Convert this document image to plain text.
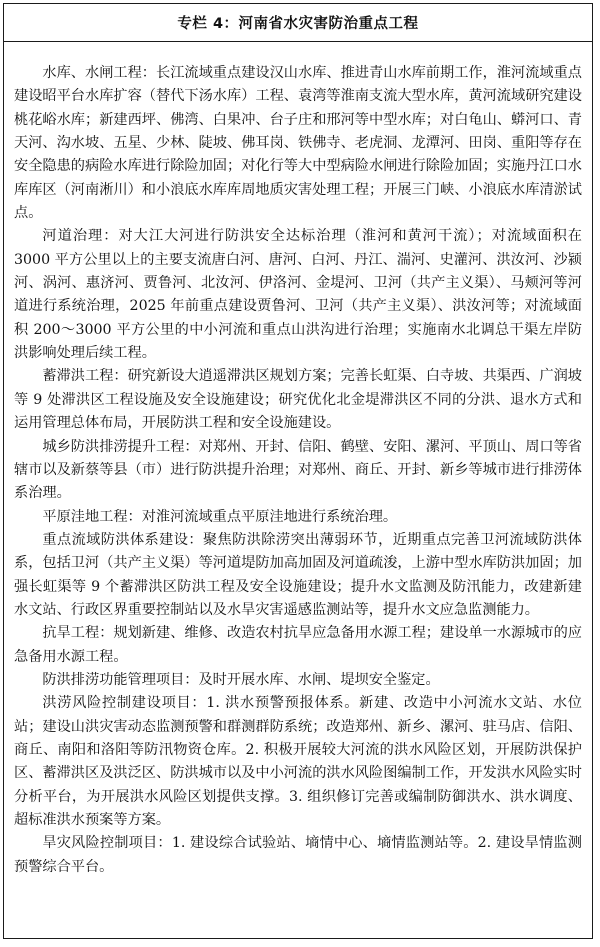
专栏 4：河南省水灾害防治重点工程

水库、水闸工程：长江流域重点建设汉山水库、推进青山水库前期工作，淮河流域重点建设昭平台水库扩容（替代下汤水库）工程、袁湾等淮南支流大型水库，黄河流域研究建设桃花峪水库；新建西坪、佛湾、白果冲、台子庄和邢河等中型水库；对白龟山、蟒河口、青天河、沟水坡、五星、少林、陡坡、佛耳岗、铁佛寺、老虎洞、龙潭河、田岗、重阳等存在安全隐患的病险水库进行除险加固；对化行等大中型病险水闸进行除险加固；实施丹江口水库库区（河南淅川）和小浪底水库库周地质灾害处理工程；开展三门峡、小浪底水库清淤试点。

河道治理：对大江大河进行防洪安全达标治理（淮河和黄河干流）；对流域面积在 3000 平方公里以上的主要支流唐白河、唐河、白河、丹江、湍河、史灌河、洪汝河、沙颍河、涡河、惠济河、贾鲁河、北汝河、伊洛河、金堤河、卫河（共产主义渠）、马颊河等河道进行系统治理，2025 年前重点建设贾鲁河、卫河（共产主义渠）、洪汝河等；对流域面积 200～3000 平方公里的中小河流和重点山洪沟进行治理；实施南水北调总干渠左岸防洪影响处理后续工程。

蓄滞洪工程：研究新设大逍遥滞洪区规划方案；完善长虹渠、白寺坡、共渠西、广润坡等 9 处滞洪区工程设施及安全设施建设；研究优化北金堤滞洪区不同的分洪、退水方式和运用管理总体布局，开展防洪工程和安全设施建设。

城乡防洪排涝提升工程：对郑州、开封、信阳、鹤壁、安阳、漯河、平顶山、周口等省辖市以及新蔡等县（市）进行防洪提升治理；对郑州、商丘、开封、新乡等城市进行排涝体系治理。

平原洼地工程：对淮河流域重点平原洼地进行系统治理。

重点流域防洪体系建设：聚焦防洪除涝突出薄弱环节，近期重点完善卫河流域防洪体系，包括卫河（共产主义渠）等河道堤防加高加固及河道疏浚，上游中型水库防洪加固；加强长虹渠等 9 个蓄滞洪区防洪工程及安全设施建设；提升水文监测及防汛能力，改建新建水文站、行政区界重要控制站以及水旱灾害遥感监测站等，提升水文应急监测能力。

抗旱工程：规划新建、维修、改造农村抗旱应急备用水源工程；建设单一水源城市的应急备用水源工程。

防洪排涝功能管理项目：及时开展水库、水闸、堤坝安全鉴定。

洪涝风险控制建设项目：1. 洪水预警预报体系。新建、改造中小河流水文站、水位站；建设山洪灾害动态监测预警和群测群防系统；改造郑州、新乡、漯河、驻马店、信阳、商丘、南阳和洛阳等防汛物资仓库。2. 积极开展较大河流的洪水风险区划，开展防洪保护区、蓄滞洪区及洪泛区、防洪城市以及中小河流的洪水风险图编制工作，开发洪水风险实时分析平台，为开展洪水风险区划提供支撑。3. 组织修订完善或编制防御洪水、洪水调度、超标准洪水预案等方案。

旱灾风险控制项目：1. 建设综合试验站、墒情中心、墒情监测站等。2. 建设旱情监测预警综合平台。
